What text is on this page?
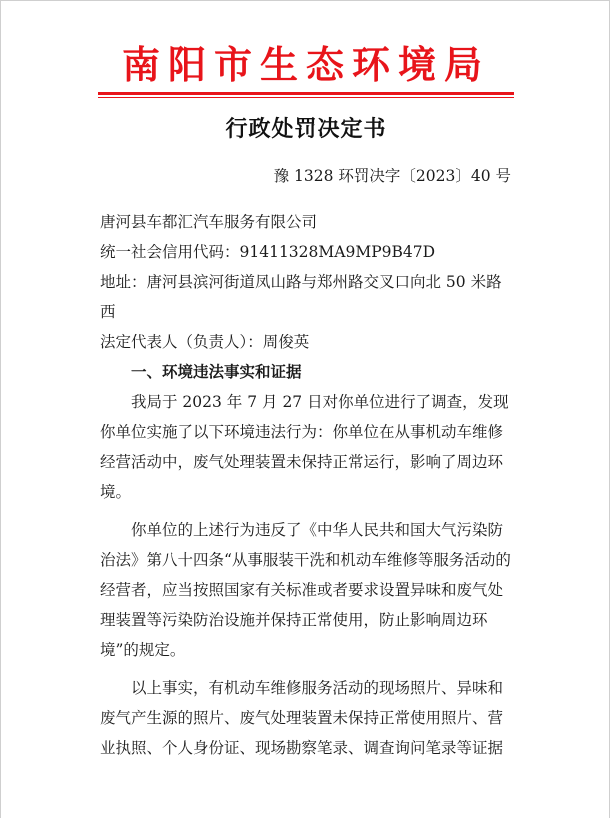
南阳市生态环境局
行政处罚决定书
豫 1328 环罚决字〔2023〕40 号

唐河县车都汇汽车服务有限公司

统一社会信用代码：91411328MA9MP9B47D

地址：唐河县滨河街道凤山路与郑州路交叉口向北 50 米路西

法定代表人（负责人）：周俊英

一、环境违法事实和证据

我局于 2023 年 7 月 27 日对你单位进行了调查，发现你单位实施了以下环境违法行为：你单位在从事机动车维修经营活动中，废气处理装置未保持正常运行，影响了周边环境。

你单位的上述行为违反了《中华人民共和国大气污染防治法》第八十四条“从事服装干洗和机动车维修等服务活动的经营者，应当按照国家有关标准或者要求设置异味和废气处理装置等污染防治设施并保持正常使用，防止影响周边环境”的规定。

以上事实，有机动车维修服务活动的现场照片、异味和废气产生源的照片、废气处理装置未保持正常使用照片、营业执照、个人身份证、现场勘察笔录、调查询问笔录等证据
